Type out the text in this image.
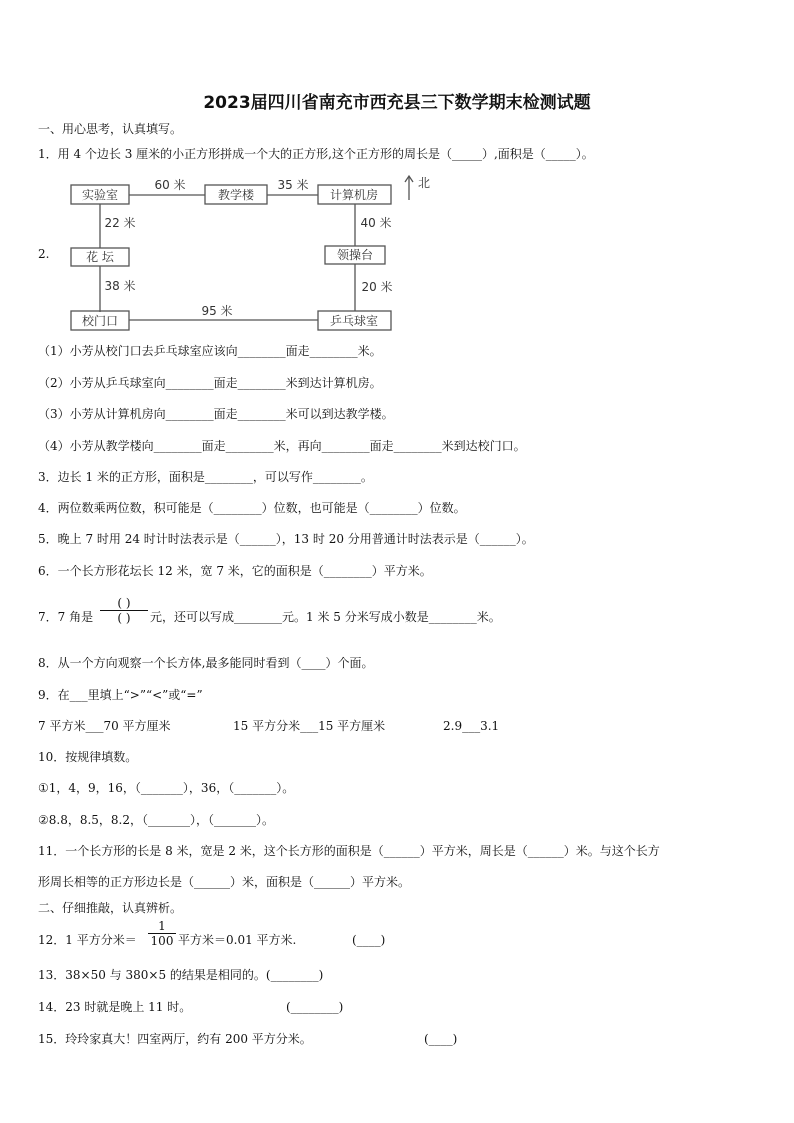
2023届四川省南充市西充县三下数学期末检测试题
一、用心思考，认真填写。
1．用 4 个边长 3 厘米的小正方形拼成一个大的正方形,这个正方形的周长是（_____）,面积是（_____）。
2.
实验室	教学楼	计算机房
花 坛	领操台
校门口	乒乓球室
60 米	35 米
22 米	40 米
38 米	20 米
95 米
北
（1）小芳从校门口去乒乓球室应该向________面走________米。
（2）小芳从乒乓球室向________面走________米到达计算机房。
（3）小芳从计算机房向________面走________米可以到达教学楼。
（4）小芳从教学楼向________面走________米，再向________面走________米到达校门口。
3．边长 1 米的正方形，面积是________，可以写作________。
4．两位数乘两位数，积可能是（________）位数，也可能是（________）位数。
5．晚上 7 时用 24 时计时法表示是（______），13 时 20 分用普通计时法表示是（______）。
6．一个长方形花坛长 12 米，宽 7 米，它的面积是（________）平方米。
7．7 角是
( )
( ) 元，还可以写成________元。1 米 5 分米写成小数是________米。
8．从一个方向观察一个长方体,最多能同时看到（____）个面。
9．在___里填上“>”“<”或“=”
7 平方米___70 平方厘米	15 平方分米___15 平方厘米	2.9___3.1
10．按规律填数。
①1，4，9，16，（_______），36，（_______）。
②8.8，8.5，8.2，（_______），（_______）。
11．一个长方形的长是 8 米，宽是 2 米，这个长方形的面积是（______）平方米，周长是（______）米。与这个长方
形周长相等的正方形边长是（______）米，面积是（______）平方米。
二、仔细推敲，认真辨析。
12．1 平方分米＝
1
100 平方米＝0.01 平方米.	(____)
13．38×50 与 380×5 的结果是相同的。(________)
14．23 时就是晚上 11 时。	(________)
15．玲玲家真大！四室两厅，约有 200 平方分米。	(____)
